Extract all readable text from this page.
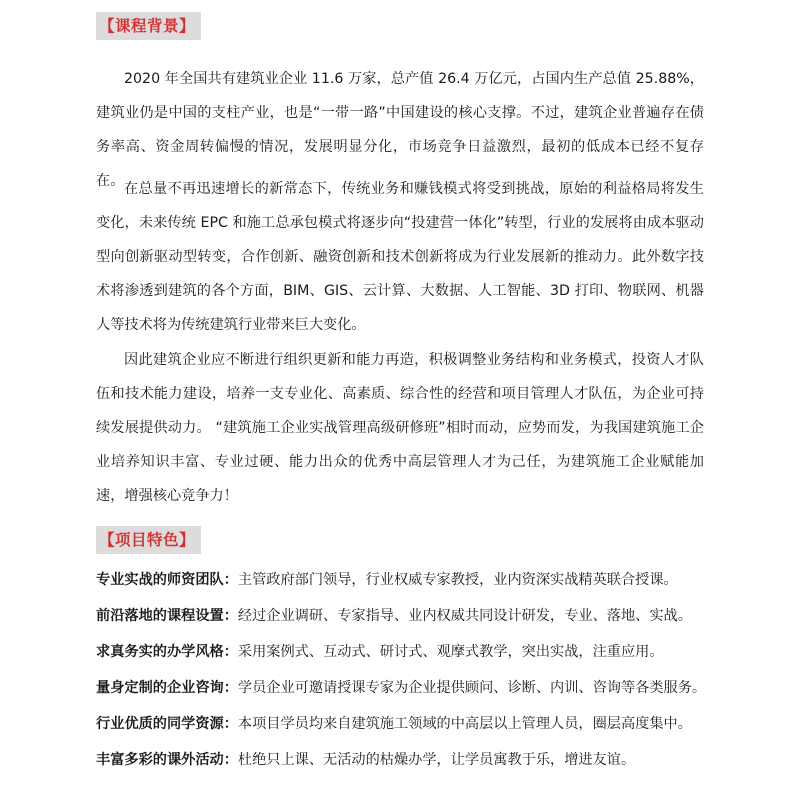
【课程背景】

2020 年全国共有建筑业企业 11.6 万家，总产值 26.4 万亿元，占国内生产总值 25.88%，建筑业仍是中国的支柱产业，也是“一带一路”中国建设的核心支撑。不过，建筑企业普遍存在债务率高、资金周转偏慢的情况，发展明显分化，市场竞争日益激烈，最初的低成本已经不复存在。 在总量不再迅速增长的新常态下，传统业务和赚钱模式将受到挑战，原始的利益格局将发生变化，未来传统 EPC 和施工总承包模式将逐步向“投建营一体化”转型，行业的发展将由成本驱动型向创新驱动型转变，合作创新、融资创新和技术创新将成为行业发展新的推动力。此外数字技术将渗透到建筑的各个方面，BIM、GIS、云计算、大数据、人工智能、3D 打印、物联网、机器人等技术将为传统建筑行业带来巨大变化。

因此建筑企业应不断进行组织更新和能力再造，积极调整业务结构和业务模式，投资人才队伍和技术能力建设，培养一支专业化、高素质、综合性的经营和项目管理人才队伍，为企业可持续发展提供动力。 “建筑施工企业实战管理高级研修班”相时而动，应势而发，为我国建筑施工企业培养知识丰富、专业过硬、能力出众的优秀中高层管理人才为己任，为建筑施工企业赋能加速，增强核心竞争力！

【项目特色】
专业实战的师资团队：主管政府部门领导，行业权威专家教授，业内资深实战精英联合授课。
前沿落地的课程设置：经过企业调研、专家指导、业内权威共同设计研发，专业、落地、实战。
求真务实的办学风格：采用案例式、互动式、研讨式、观摩式教学，突出实战，注重应用。
量身定制的企业咨询：学员企业可邀请授课专家为企业提供顾问、诊断、内训、咨询等各类服务。
行业优质的同学资源：本项目学员均来自建筑施工领域的中高层以上管理人员，圈层高度集中。
丰富多彩的课外活动：杜绝只上课、无活动的枯燥办学，让学员寓教于乐，增进友谊。
